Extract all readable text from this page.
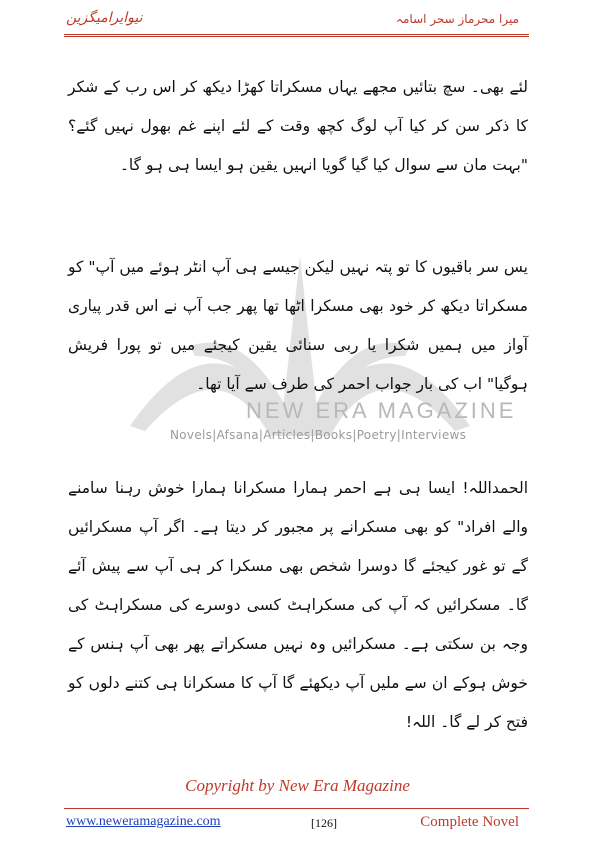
نیوایرامیگزین	میرا محرماز سحر اسامہ
NEW ERA MAGAZINE
Novels|Afsana|Articles|Books|Poetry|Interviews
لئے بھی۔ سچ بتائیں مجھے یہاں مسکراتا کھڑا دیکھ کر اس رب کے شکر کا ذکر سن کر کیا آپ لوگ کچھ وقت کے لئے اپنے غم بھول نہیں گئے؟ "بہت مان سے سوال کیا گیا گویا انہیں یقین ہو ایسا ہی ہو گا۔
یس سر باقیوں کا تو پتہ نہیں لیکن جیسے ہی آپ انٹر ہوئے میں آپ" کو مسکراتا دیکھ کر خود بھی مسکرا اٹھا تھا پھر جب آپ نے اس قدر پیاری آواز میں ہمیں شکرا یا ربی سنائی یقین کیجئے میں تو پورا فریش ہوگیا" اب کی بار جواب احمر کی طرف سے آیا تھا۔
الحمداللہ! ایسا ہی ہے احمر ہمارا مسکرانا ہمارا خوش رہنا سامنے والے افراد" کو بھی مسکرانے پر مجبور کر دیتا ہے۔ اگر آپ مسکرائیں گے تو غور کیجئے گا دوسرا شخص بھی مسکرا کر ہی آپ سے پیش آئے گا۔ مسکرائیں کہ آپ کی مسکراہٹ کسی دوسرے کی مسکراہٹ کی وجہ بن سکتی ہے۔ مسکرائیں وہ نہیں مسکراتے پھر بھی آپ ہنس کے خوش ہوکے ان سے ملیں آپ دیکھئے گا آپ کا مسکرانا ہی کتنے دلوں کو فتح کر لے گا۔ اللہ!
Copyright by New Era Magazine
www.neweramagazine.com	[126]	Complete Novel
